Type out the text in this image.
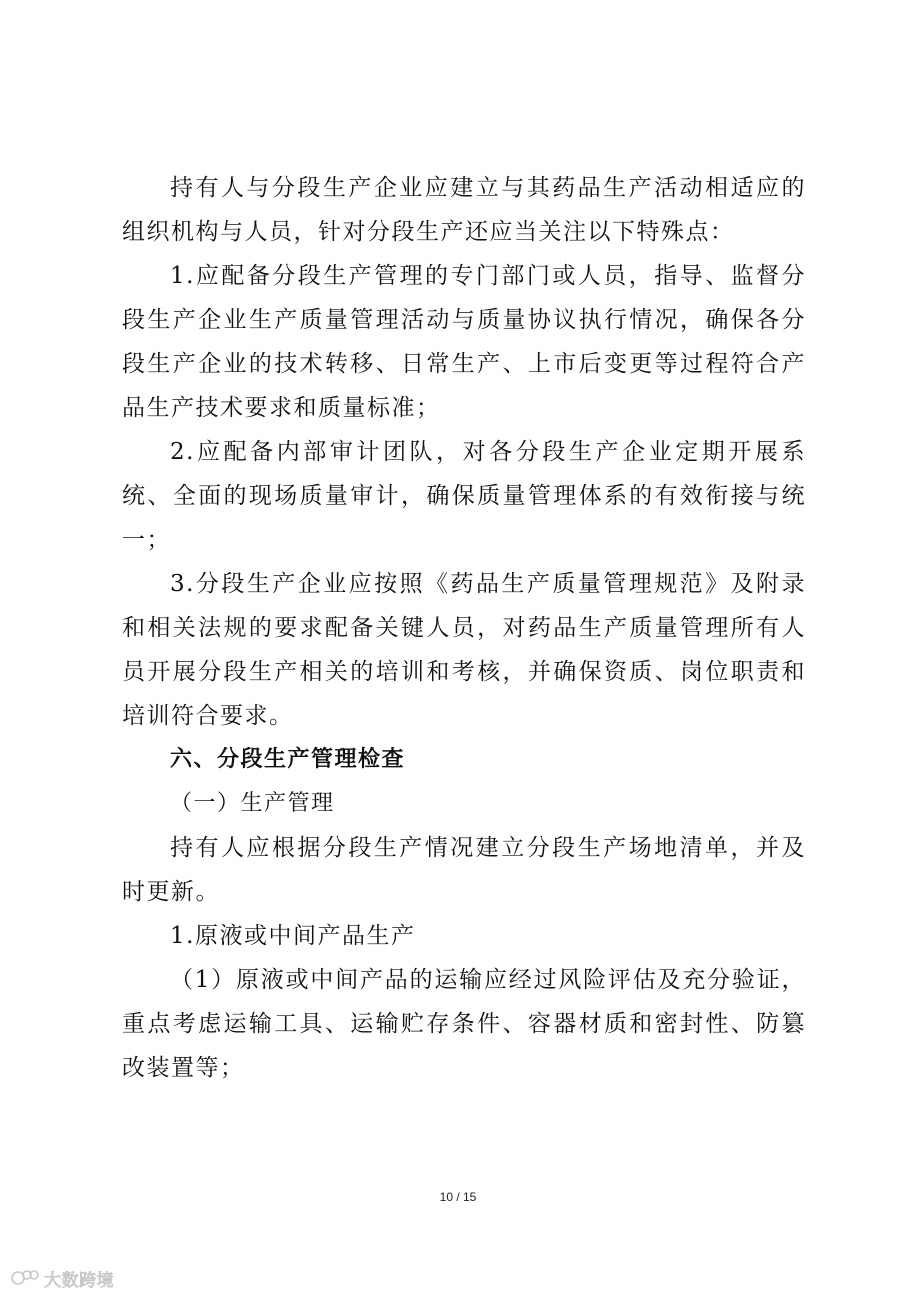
持有人与分段生产企业应建立与其药品生产活动相适应的组织机构与人员，针对分段生产还应当关注以下特殊点：

1.应配备分段生产管理的专门部门或人员，指导、监督分段生产企业生产质量管理活动与质量协议执行情况，确保各分段生产企业的技术转移、日常生产、上市后变更等过程符合产品生产技术要求和质量标准；

2.应配备内部审计团队，对各分段生产企业定期开展系统、全面的现场质量审计，确保质量管理体系的有效衔接与统一；

3.分段生产企业应按照《药品生产质量管理规范》及附录和相关法规的要求配备关键人员，对药品生产质量管理所有人员开展分段生产相关的培训和考核，并确保资质、岗位职责和培训符合要求。

六、分段生产管理检查

（一）生产管理

持有人应根据分段生产情况建立分段生产场地清单，并及时更新。

1.原液或中间产品生产

（1）原液或中间产品的运输应经过风险评估及充分验证，重点考虑运输工具、运输贮存条件、容器材质和密封性、防篡改装置等；

10 / 15
大数跨境
